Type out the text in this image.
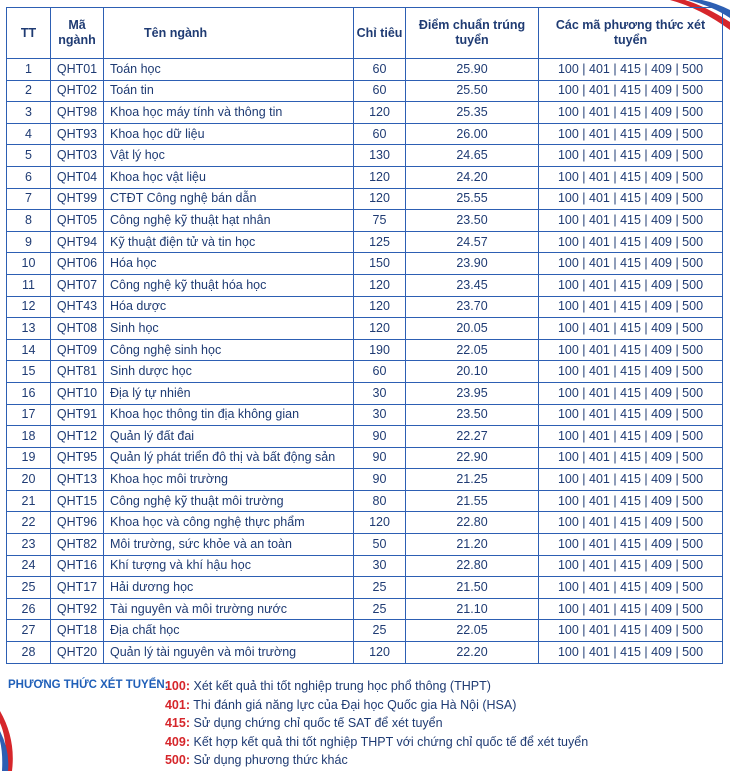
TT	Mã ngành	Tên ngành	Chỉ tiêu	Điểm chuẩn trúng tuyển	Các mã phương thức xét tuyển
1	QHT01	Toán học	60	25.90	100 | 401 | 415 | 409 | 500
2	QHT02	Toán tin	60	25.50	100 | 401 | 415 | 409 | 500
3	QHT98	Khoa học máy tính và thông tin	120	25.35	100 | 401 | 415 | 409 | 500
4	QHT93	Khoa học dữ liệu	60	26.00	100 | 401 | 415 | 409 | 500
5	QHT03	Vật lý học	130	24.65	100 | 401 | 415 | 409 | 500
6	QHT04	Khoa học vật liệu	120	24.20	100 | 401 | 415 | 409 | 500
7	QHT99	CTĐT Công nghệ bán dẫn	120	25.55	100 | 401 | 415 | 409 | 500
8	QHT05	Công nghệ kỹ thuật hạt nhân	75	23.50	100 | 401 | 415 | 409 | 500
9	QHT94	Kỹ thuật điện tử và tin học	125	24.57	100 | 401 | 415 | 409 | 500
10	QHT06	Hóa học	150	23.90	100 | 401 | 415 | 409 | 500
11	QHT07	Công nghệ kỹ thuật hóa học	120	23.45	100 | 401 | 415 | 409 | 500
12	QHT43	Hóa dược	120	23.70	100 | 401 | 415 | 409 | 500
13	QHT08	Sinh học	120	20.05	100 | 401 | 415 | 409 | 500
14	QHT09	Công nghệ sinh học	190	22.05	100 | 401 | 415 | 409 | 500
15	QHT81	Sinh dược học	60	20.10	100 | 401 | 415 | 409 | 500
16	QHT10	Địa lý tự nhiên	30	23.95	100 | 401 | 415 | 409 | 500
17	QHT91	Khoa học thông tin địa không gian	30	23.50	100 | 401 | 415 | 409 | 500
18	QHT12	Quản lý đất đai	90	22.27	100 | 401 | 415 | 409 | 500
19	QHT95	Quản lý phát triển đô thị và bất động sản	90	22.90	100 | 401 | 415 | 409 | 500
20	QHT13	Khoa học môi trường	90	21.25	100 | 401 | 415 | 409 | 500
21	QHT15	Công nghệ kỹ thuật môi trường	80	21.55	100 | 401 | 415 | 409 | 500
22	QHT96	Khoa học và công nghệ thực phẩm	120	22.80	100 | 401 | 415 | 409 | 500
23	QHT82	Môi trường, sức khỏe và an toàn	50	21.20	100 | 401 | 415 | 409 | 500
24	QHT16	Khí tượng và khí hậu học	30	22.80	100 | 401 | 415 | 409 | 500
25	QHT17	Hải dương học	25	21.50	100 | 401 | 415 | 409 | 500
26	QHT92	Tài nguyên và môi trường nước	25	21.10	100 | 401 | 415 | 409 | 500
27	QHT18	Địa chất học	25	22.05	100 | 401 | 415 | 409 | 500
28	QHT20	Quản lý tài nguyên và môi trường	120	22.20	100 | 401 | 415 | 409 | 500
PHƯƠNG THỨC XÉT TUYỂN:
100: Xét kết quả thi tốt nghiệp trung học phổ thông (THPT)
401: Thi đánh giá năng lực của Đại học Quốc gia Hà Nội (HSA)
415: Sử dụng chứng chỉ quốc tế SAT để xét tuyển
409: Kết hợp kết quả thi tốt nghiệp THPT với chứng chỉ quốc tế để xét tuyển
500: Sử dụng phương thức khác
